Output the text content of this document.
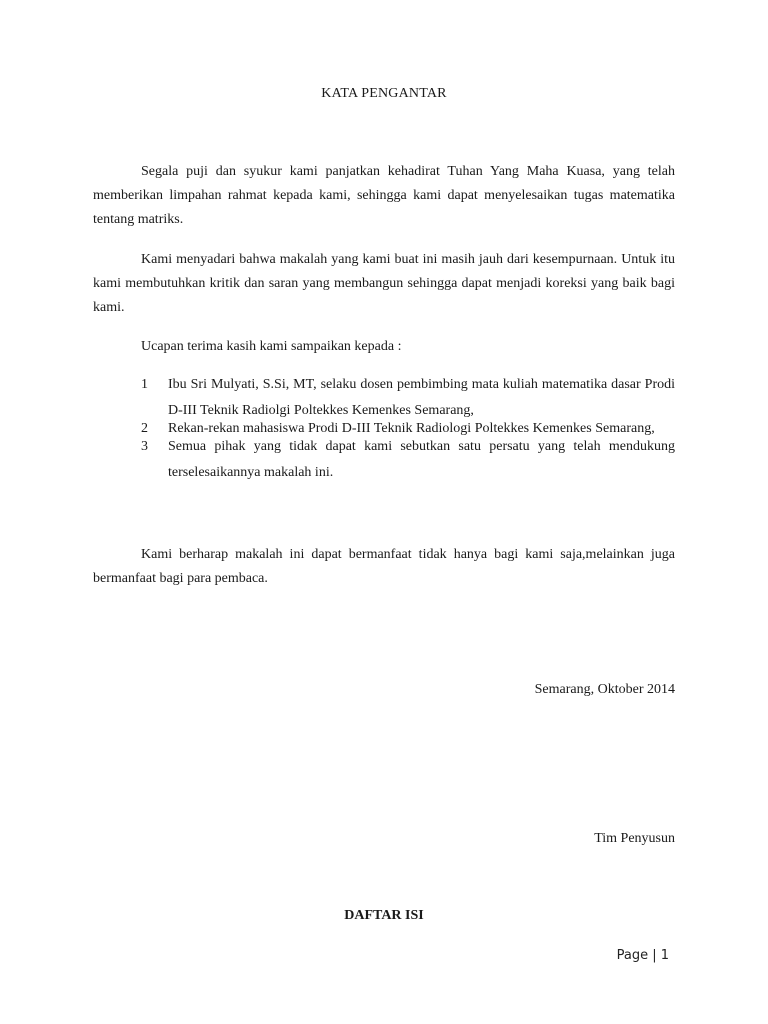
KATA PENGANTAR

Segala puji dan syukur kami panjatkan kehadirat Tuhan Yang Maha Kuasa, yang telah memberikan limpahan rahmat kepada kami, sehingga kami dapat menyelesaikan tugas matematika tentang matriks.

Kami menyadari bahwa makalah yang kami buat ini masih jauh dari kesempurnaan. Untuk itu kami membutuhkan kritik dan saran yang membangun sehingga dapat menjadi koreksi yang baik bagi kami.

Ucapan terima kasih kami sampaikan kepada :

1 Ibu Sri Mulyati, S.Si, MT, selaku dosen pembimbing mata kuliah matematika dasar Prodi D-III Teknik Radiolgi Poltekkes Kemenkes Semarang,
2 Rekan-rekan mahasiswa Prodi D-III Teknik Radiologi Poltekkes Kemenkes Semarang,
3 Semua pihak yang tidak dapat kami sebutkan satu persatu yang telah mendukung terselesaikannya makalah ini.

Kami berharap makalah ini dapat bermanfaat tidak hanya bagi kami saja,melainkan juga bermanfaat bagi para pembaca.

Semarang, Oktober 2014
Tim Penyusun
DAFTAR ISI
Page | 1
